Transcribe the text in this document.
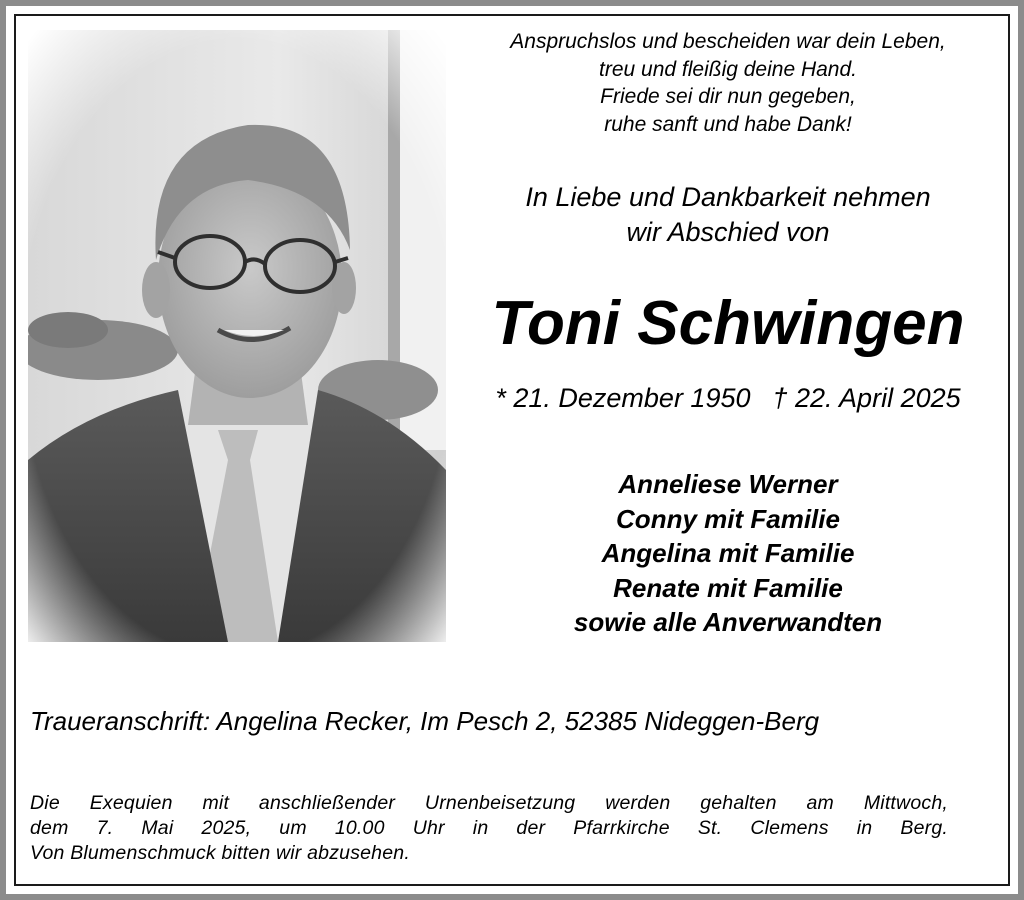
Anspruchslos und bescheiden war dein Leben,
treu und fleißig deine Hand.
Friede sei dir nun gegeben,
ruhe sanft und habe Dank!
In Liebe und Dankbarkeit nehmen
wir Abschied von
Toni Schwingen
* 21. Dezember 1950 † 22. April 2025
Anneliese Werner
Conny mit Familie
Angelina mit Familie
Renate mit Familie
sowie alle Anverwandten
Traueranschrift: Angelina Recker, Im Pesch 2, 52385 Nideggen-Berg
Die Exequien mit anschließender Urnenbeisetzung werden gehalten am Mittwoch,
dem 7. Mai 2025, um 10.00 Uhr in der Pfarrkirche St. Clemens in Berg.
Von Blumenschmuck bitten wir abzusehen.
